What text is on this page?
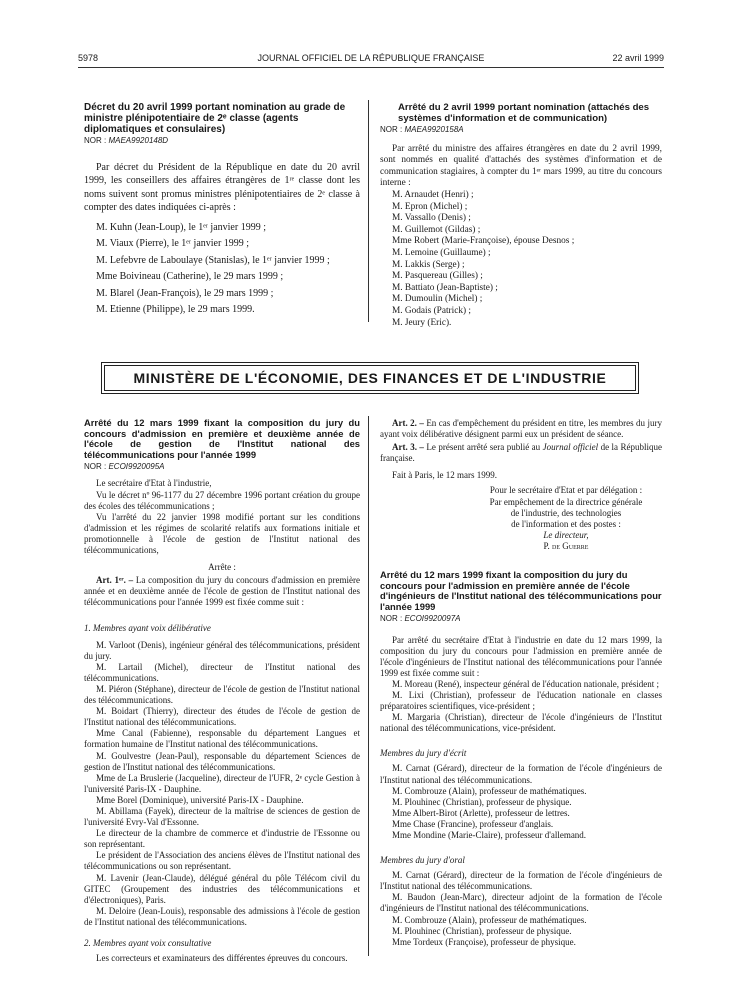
5978	JOURNAL OFFICIEL DE LA RÉPUBLIQUE FRANÇAISE	22 avril 1999

Décret du 20 avril 1999 portant nomination au grade de ministre plénipotentiaire de 2ᵉ classe (agents diplomatiques et consulaires)

NOR : MAEA9920148D

Par décret du Président de la République en date du 20 avril 1999, les conseillers des affaires étrangères de 1ʳᵉ classe dont les noms suivent sont promus ministres plénipotentiaires de 2ᵉ classe à compter des dates indiquées ci-après :

M. Kuhn (Jean-Loup), le 1ᵉʳ janvier 1999 ;

M. Viaux (Pierre), le 1ᵉʳ janvier 1999 ;

M. Lefebvre de Laboulaye (Stanislas), le 1ᵉʳ janvier 1999 ;

Mme Boivineau (Catherine), le 29 mars 1999 ;

M. Blarel (Jean-François), le 29 mars 1999 ;

M. Etienne (Philippe), le 29 mars 1999.

Arrêté du 2 avril 1999 portant nomination (attachés des systèmes d'information et de communication)

NOR : MAEA9920158A

Par arrêté du ministre des affaires étrangères en date du 2 avril 1999, sont nommés en qualité d'attachés des systèmes d'information et de communication stagiaires, à compter du 1ᵉʳ mars 1999, au titre du concours interne :

M. Arnaudet (Henri) ;

M. Epron (Michel) ;

M. Vassallo (Denis) ;

M. Guillemot (Gildas) ;

Mme Robert (Marie-Françoise), épouse Desnos ;

M. Lemoine (Guillaume) ;

M. Lakkis (Serge) ;

M. Pasquereau (Gilles) ;

M. Battiato (Jean-Baptiste) ;

M. Dumoulin (Michel) ;

M. Godais (Patrick) ;

M. Jeury (Eric).

MINISTÈRE DE L'ÉCONOMIE, DES FINANCES ET DE L'INDUSTRIE

Arrêté du 12 mars 1999 fixant la composition du jury du concours d'admission en première et deuxième année de l'école de gestion de l'Institut national des télécommunications pour l'année 1999

NOR : ECOI9920095A

Le secrétaire d'Etat à l'industrie,

Vu le décret nº 96-1177 du 27 décembre 1996 portant création du groupe des écoles des télécommunications ;

Vu l'arrêté du 22 janvier 1998 modifié portant sur les conditions d'admission et les régimes de scolarité relatifs aux formations initiale et promotionnelle à l'école de gestion de l'Institut national des télécommunications,

Arrête :

Art. 1ᵉʳ. – La composition du jury du concours d'admission en première année et en deuxième année de l'école de gestion de l'Institut national des télécommunications pour l'année 1999 est fixée comme suit :

1. Membres ayant voix délibérative

M. Varloot (Denis), ingénieur général des télécommunications, président du jury.

M. Lartail (Michel), directeur de l'Institut national des télécommunications.

M. Piéron (Stéphane), directeur de l'école de gestion de l'Institut national des télécommunications.

M. Boidart (Thierry), directeur des études de l'école de gestion de l'Institut national des télécommunications.

Mme Canal (Fabienne), responsable du département Langues et formation humaine de l'Institut national des télécommunications.

M. Goulvestre (Jean-Paul), responsable du département Sciences de gestion de l'Institut national des télécommunications.

Mme de La Bruslerie (Jacqueline), directeur de l'UFR, 2ᵉ cycle Gestion à l'université Paris-IX - Dauphine.

Mme Borel (Dominique), université Paris-IX - Dauphine.

M. Abillama (Fayek), directeur de la maîtrise de sciences de gestion de l'université Evry-Val d'Essonne.

Le directeur de la chambre de commerce et d'industrie de l'Essonne ou son représentant.

Le président de l'Association des anciens élèves de l'Institut national des télécommunications ou son représentant.

M. Lavenir (Jean-Claude), délégué général du pôle Télécom civil du GITEC (Groupement des industries des télécommunications et d'électroniques), Paris.

M. Deloire (Jean-Louis), responsable des admissions à l'école de gestion de l'Institut national des télécommunications.

2. Membres ayant voix consultative

Les correcteurs et examinateurs des différentes épreuves du concours.

Art. 2. – En cas d'empêchement du président en titre, les membres du jury ayant voix délibérative désignent parmi eux un président de séance.

Art. 3. – Le présent arrêté sera publié au Journal officiel de la République française.

Fait à Paris, le 12 mars 1999.

Pour le secrétaire d'Etat et par délégation :

Par empêchement de la directrice générale

de l'industrie, des technologies

de l'information et des postes :

Le directeur,

P. de Guerre

Arrêté du 12 mars 1999 fixant la composition du jury du concours pour l'admission en première année de l'école d'ingénieurs de l'Institut national des télécommunications pour l'année 1999

NOR : ECOI9920097A

Par arrêté du secrétaire d'Etat à l'industrie en date du 12 mars 1999, la composition du jury du concours pour l'admission en première année de l'école d'ingénieurs de l'Institut national des télécommunications pour l'année 1999 est fixée comme suit :

M. Moreau (René), inspecteur général de l'éducation nationale, président ;

M. Lixi (Christian), professeur de l'éducation nationale en classes préparatoires scientifiques, vice-président ;

M. Margaria (Christian), directeur de l'école d'ingénieurs de l'Institut national des télécommunications, vice-président.

Membres du jury d'écrit

M. Carnat (Gérard), directeur de la formation de l'école d'ingénieurs de l'Institut national des télécommunications.

M. Combrouze (Alain), professeur de mathématiques.

M. Plouhinec (Christian), professeur de physique.

Mme Albert-Birot (Arlette), professeur de lettres.

Mme Chase (Francine), professeur d'anglais.

Mme Mondine (Marie-Claire), professeur d'allemand.

Membres du jury d'oral

M. Carnat (Gérard), directeur de la formation de l'école d'ingénieurs de l'Institut national des télécommunications.

M. Baudon (Jean-Marc), directeur adjoint de la formation de l'école d'ingénieurs de l'Institut national des télécommunications.

M. Combrouze (Alain), professeur de mathématiques.

M. Plouhinec (Christian), professeur de physique.

Mme Tordeux (Françoise), professeur de physique.
